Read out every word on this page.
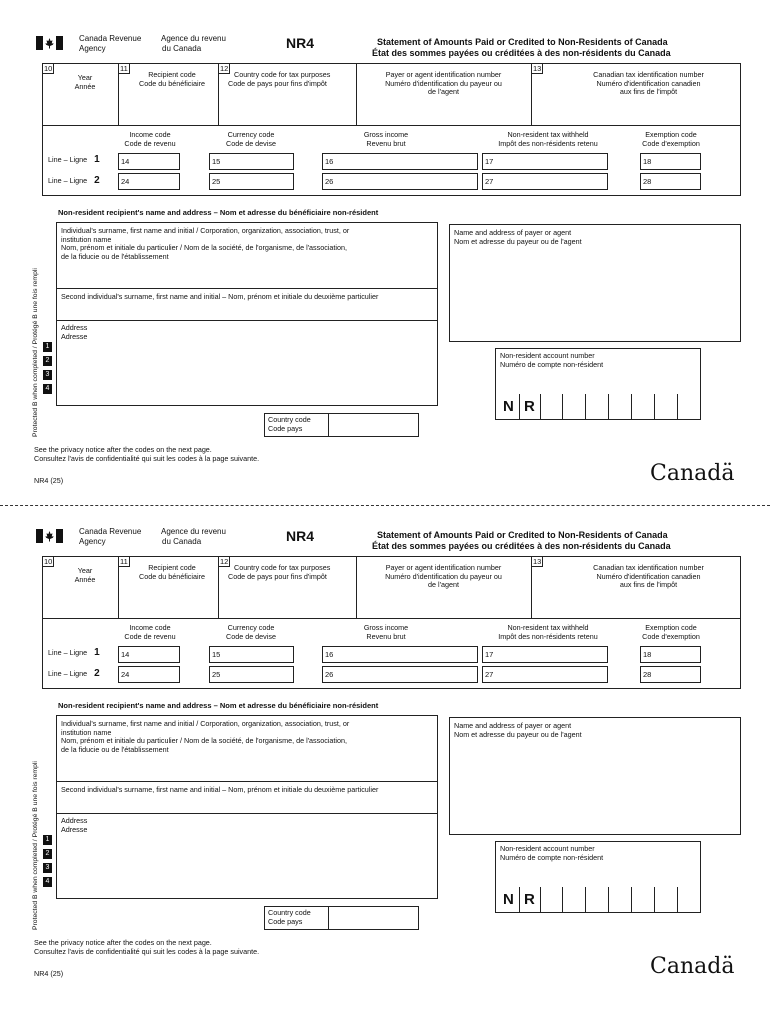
Canada Revenue
Agency
Agence du revenu
du Canada	NR4	Statement of Amounts Paid or Credited to Non-Residents of Canada
État des sommes payées ou créditées à des non-résidents du Canada
10
Year
Année
11
Recipient code
Code du bénéficiaire
12
Country code for tax purposes
Code de pays pour fins d'impôt
Payer or agent identification number
Numéro d'identification du payeur ou
de l'agent
13
Canadian tax identification number
Numéro d'identification canadien
aux fins de l'impôt
Income code
Code de revenu
Currency code
Code de devise
Gross income
Revenu brut
Non-resident tax withheld
Impôt des non-résidents retenu
Exemption code
Code d'exemption
Line – Ligne 1	14	15	16	17	18
Line – Ligne 2	24	25	26	27	28
Protected B when completed / Protégé B une fois rempli 1
2
3
4
Non-resident recipient's name and address – Nom et adresse du bénéficiaire non-résident
Individual's surname, first name and initial / Corporation, organization, association, trust, or
institution name
Nom, prénom et initiale du particulier / Nom de la société, de l'organisme, de l'association,
de la fiducie ou de l'établissement
Second individual's surname, first name and initial – Nom, prénom et initiale du deuxième particulier
Address
Adresse
Country code
Code pays
Name and address of payer or agent
Nom et adresse du payeur ou de l'agent
Non-resident account number
Numéro de compte non-résident
N R
See the privacy notice after the codes on the next page.
Consultez l'avis de confidentialité qui suit les codes à la page suivante.
NR4 (25)	Canadä
Canada Revenue
Agency
Agence du revenu
du Canada	NR4	Statement of Amounts Paid or Credited to Non-Residents of Canada
État des sommes payées ou créditées à des non-résidents du Canada
10
Year
Année
11
Recipient code
Code du bénéficiaire
12
Country code for tax purposes
Code de pays pour fins d'impôt
Payer or agent identification number
Numéro d'identification du payeur ou
de l'agent
13
Canadian tax identification number
Numéro d'identification canadien
aux fins de l'impôt
Income code
Code de revenu
Currency code
Code de devise
Gross income
Revenu brut
Non-resident tax withheld
Impôt des non-résidents retenu
Exemption code
Code d'exemption
Line – Ligne 1	14	15	16	17	18
Line – Ligne 2	24	25	26	27	28
Protected B when completed / Protégé B une fois rempli 1
2
3
4
Non-resident recipient's name and address – Nom et adresse du bénéficiaire non-résident
Individual's surname, first name and initial / Corporation, organization, association, trust, or
institution name
Nom, prénom et initiale du particulier / Nom de la société, de l'organisme, de l'association,
de la fiducie ou de l'établissement
Second individual's surname, first name and initial – Nom, prénom et initiale du deuxième particulier
Address
Adresse
Country code
Code pays
Name and address of payer or agent
Nom et adresse du payeur ou de l'agent
Non-resident account number
Numéro de compte non-résident
N R
See the privacy notice after the codes on the next page.
Consultez l'avis de confidentialité qui suit les codes à la page suivante.
NR4 (25)	Canadä
